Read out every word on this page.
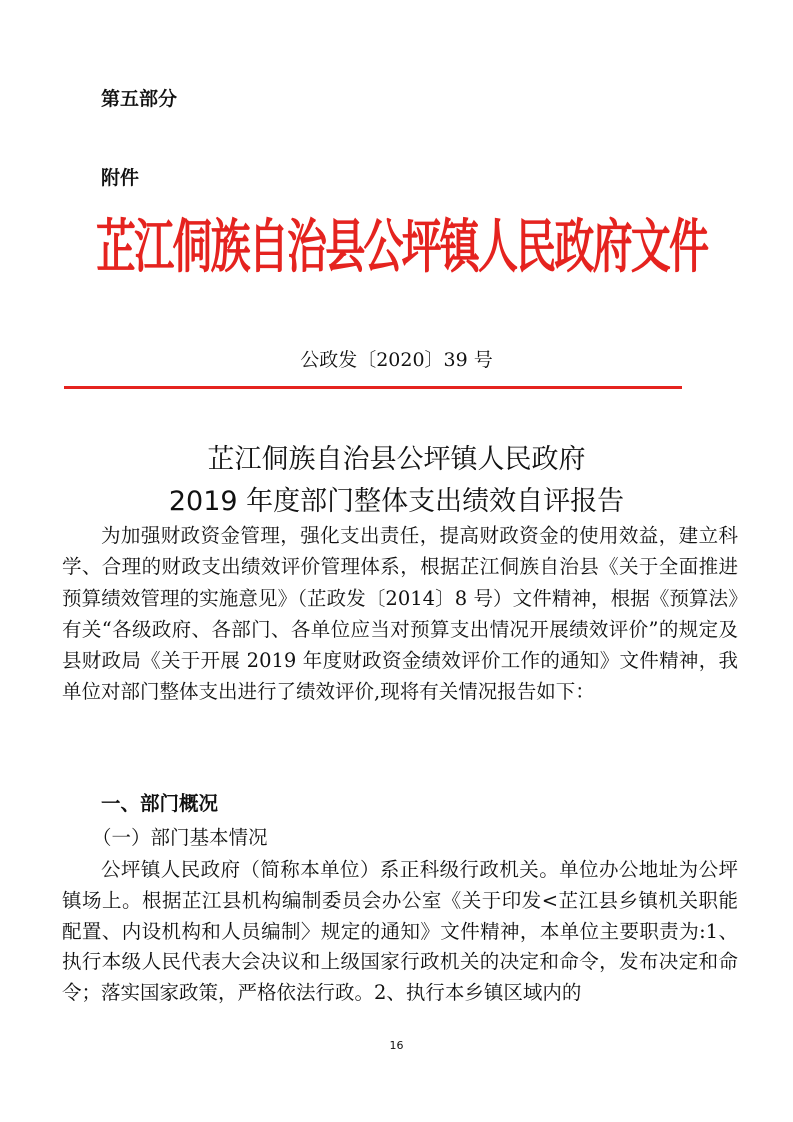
第五部分
附件
芷江侗族自治县公坪镇人民政府文件
公政发〔2020〕39 号
芷江侗族自治县公坪镇人民政府
2019 年度部门整体支出绩效自评报告

为加强财政资金管理，强化支出责任，提高财政资金的使用效益，建立科学、合理的财政支出绩效评价管理体系，根据芷江侗族自治县《关于全面推进预算绩效管理的实施意见》（芷政发〔2014〕8 号）文件精神，根据《预算法》有关“各级政府、各部门、各单位应当对预算支出情况开展绩效评价”的规定及县财政局《关于开展 2019 年度财政资金绩效评价工作的通知》文件精神，我单位对部门整体支出进行了绩效评价,现将有关情况报告如下：

一、部门概况
（一）部门基本情况

公坪镇人民政府（简称本单位）系正科级行政机关。单位办公地址为公坪镇场上。根据芷江县机构编制委员会办公室《关于印发<芷江县乡镇机关职能配置、内设机构和人员编制〉规定的通知》文件精神，本单位主要职责为:1、执行本级人民代表大会决议和上级国家行政机关的决定和命令，发布决定和命令；落实国家政策，严格依法行政。2、执行本乡镇区域内的

16
